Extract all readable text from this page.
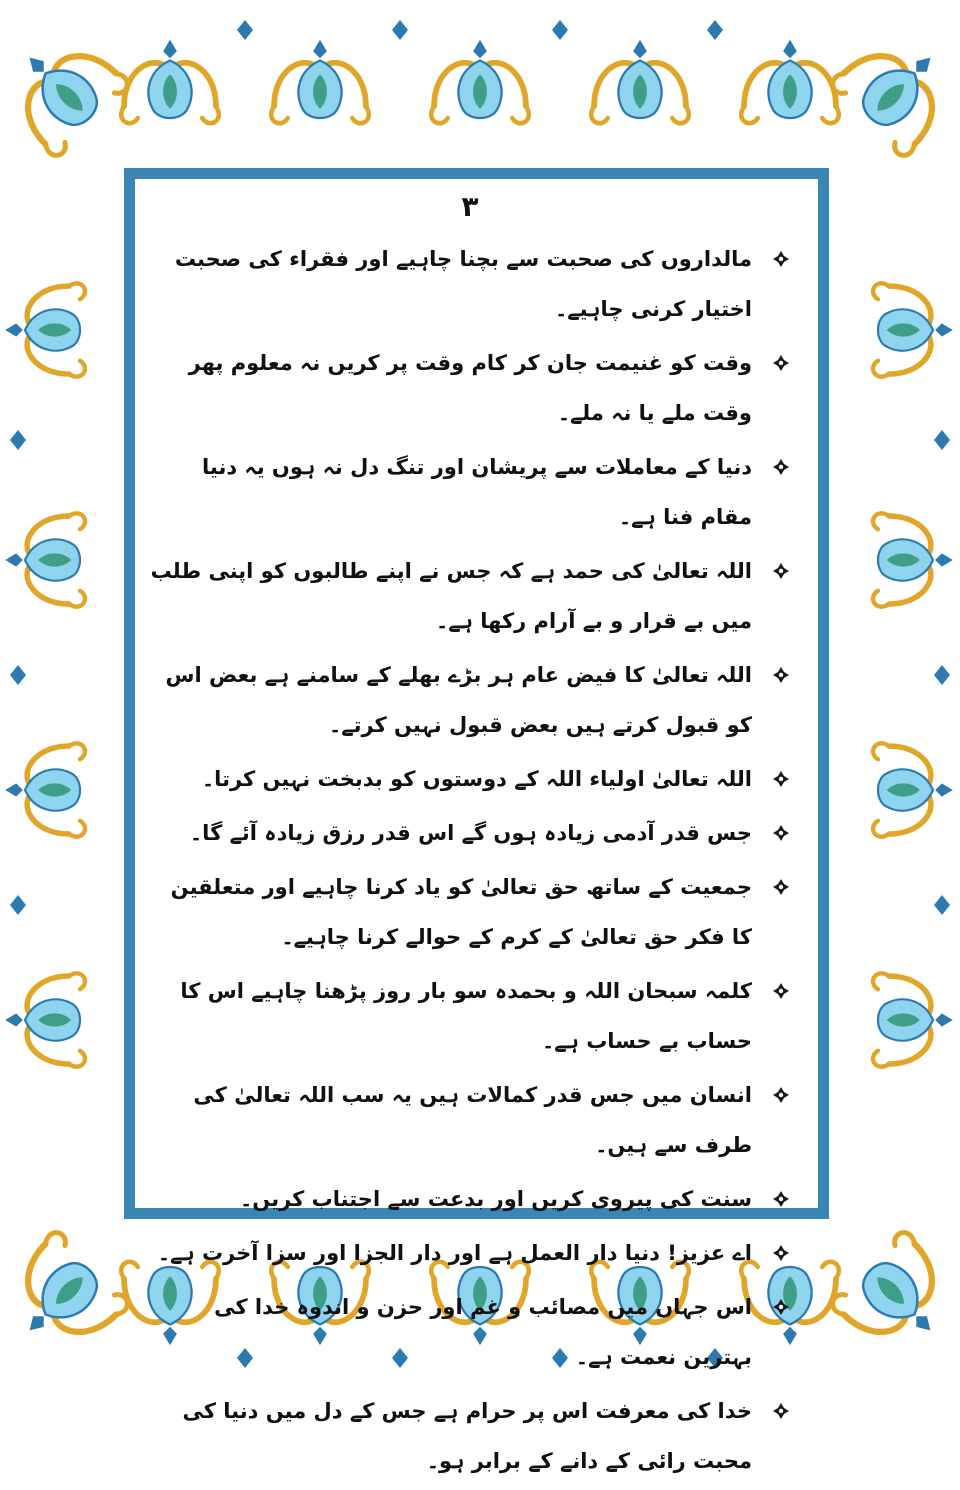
۳
مالداروں کی صحبت سے بچنا چاہیے اور فقراء کی صحبت اختیار کرنی چاہیے۔
وقت کو غنیمت جان کر کام وقت پر کریں نہ معلوم پھر وقت ملے یا نہ ملے۔
دنیا کے معاملات سے پریشان اور تنگ دل نہ ہوں یہ دنیا مقام فنا ہے۔
اللہ تعالیٰ کی حمد ہے کہ جس نے اپنے طالبوں کو اپنی طلب میں بے قرار و بے آرام رکھا ہے۔
اللہ تعالیٰ کا فیض عام ہر بڑے بھلے کے سامنے ہے بعض اس کو قبول کرتے ہیں بعض قبول نہیں کرتے۔
اللہ تعالیٰ اولیاء اللہ کے دوستوں کو بدبخت نہیں کرتا۔
جس قدر آدمی زیادہ ہوں گے اس قدر رزق زیادہ آئے گا۔
جمعیت کے ساتھ حق تعالیٰ کو یاد کرنا چاہیے اور متعلقین کا فکر حق تعالیٰ کے کرم کے حوالے کرنا چاہیے۔
کلمہ سبحان اللہ و بحمدہ سو بار روز پڑھنا چاہیے اس کا حساب بے حساب ہے۔
انسان میں جس قدر کمالات ہیں یہ سب اللہ تعالیٰ کی طرف سے ہیں۔
سنت کی پیروی کریں اور بدعت سے اجتناب کریں۔
اے عزیز! دنیا دار العمل ہے اور دار الجزا اور سزا آخرت ہے۔
اس جہاں میں مصائب و غم اور حزن و اندوہ خدا کی بہترین نعمت ہے۔
خدا کی معرفت اس پر حرام ہے جس کے دل میں دنیا کی محبت رائی کے دانے کے برابر ہو۔
